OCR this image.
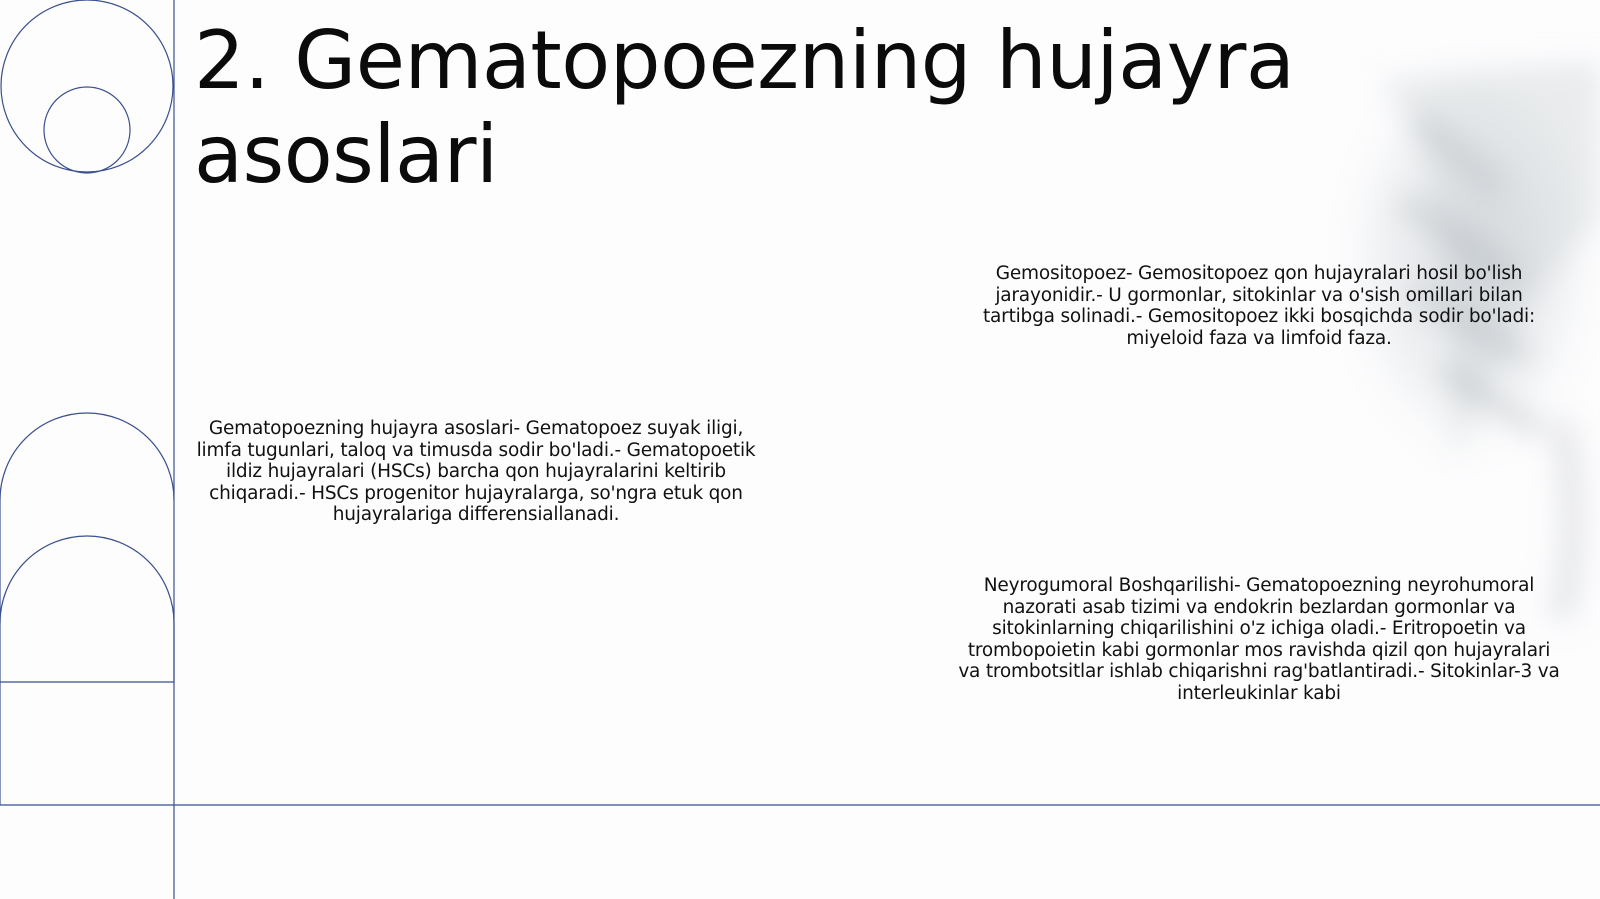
2. Gematopoezning hujayra asoslari

Gematopoezning hujayra asoslari- Gematopoez suyak iligi, limfa tugunlari, taloq va timusda sodir bo'ladi.- Gematopoetik ildiz hujayralari (HSCs) barcha qon hujayralarini keltirib chiqaradi.- HSCs progenitor hujayralarga, so'ngra etuk qon hujayralariga differensiallanadi.

Gemositopoez- Gemositopoez qon hujayralari hosil bo'lish jarayonidir.- U gormonlar, sitokinlar va o'sish omillari bilan tartibga solinadi.- Gemositopoez ikki bosqichda sodir bo'ladi: miyeloid faza va limfoid faza.

Neyrogumoral Boshqarilishi- Gematopoezning neyrohumoral nazorati asab tizimi va endokrin bezlardan gormonlar va sitokinlarning chiqarilishini o'z ichiga oladi.- Eritropoetin va trombopoietin kabi gormonlar mos ravishda qizil qon hujayralari va trombotsitlar ishlab chiqarishni rag'batlantiradi.- Sitokinlar-3 va interleukinlar kabi
